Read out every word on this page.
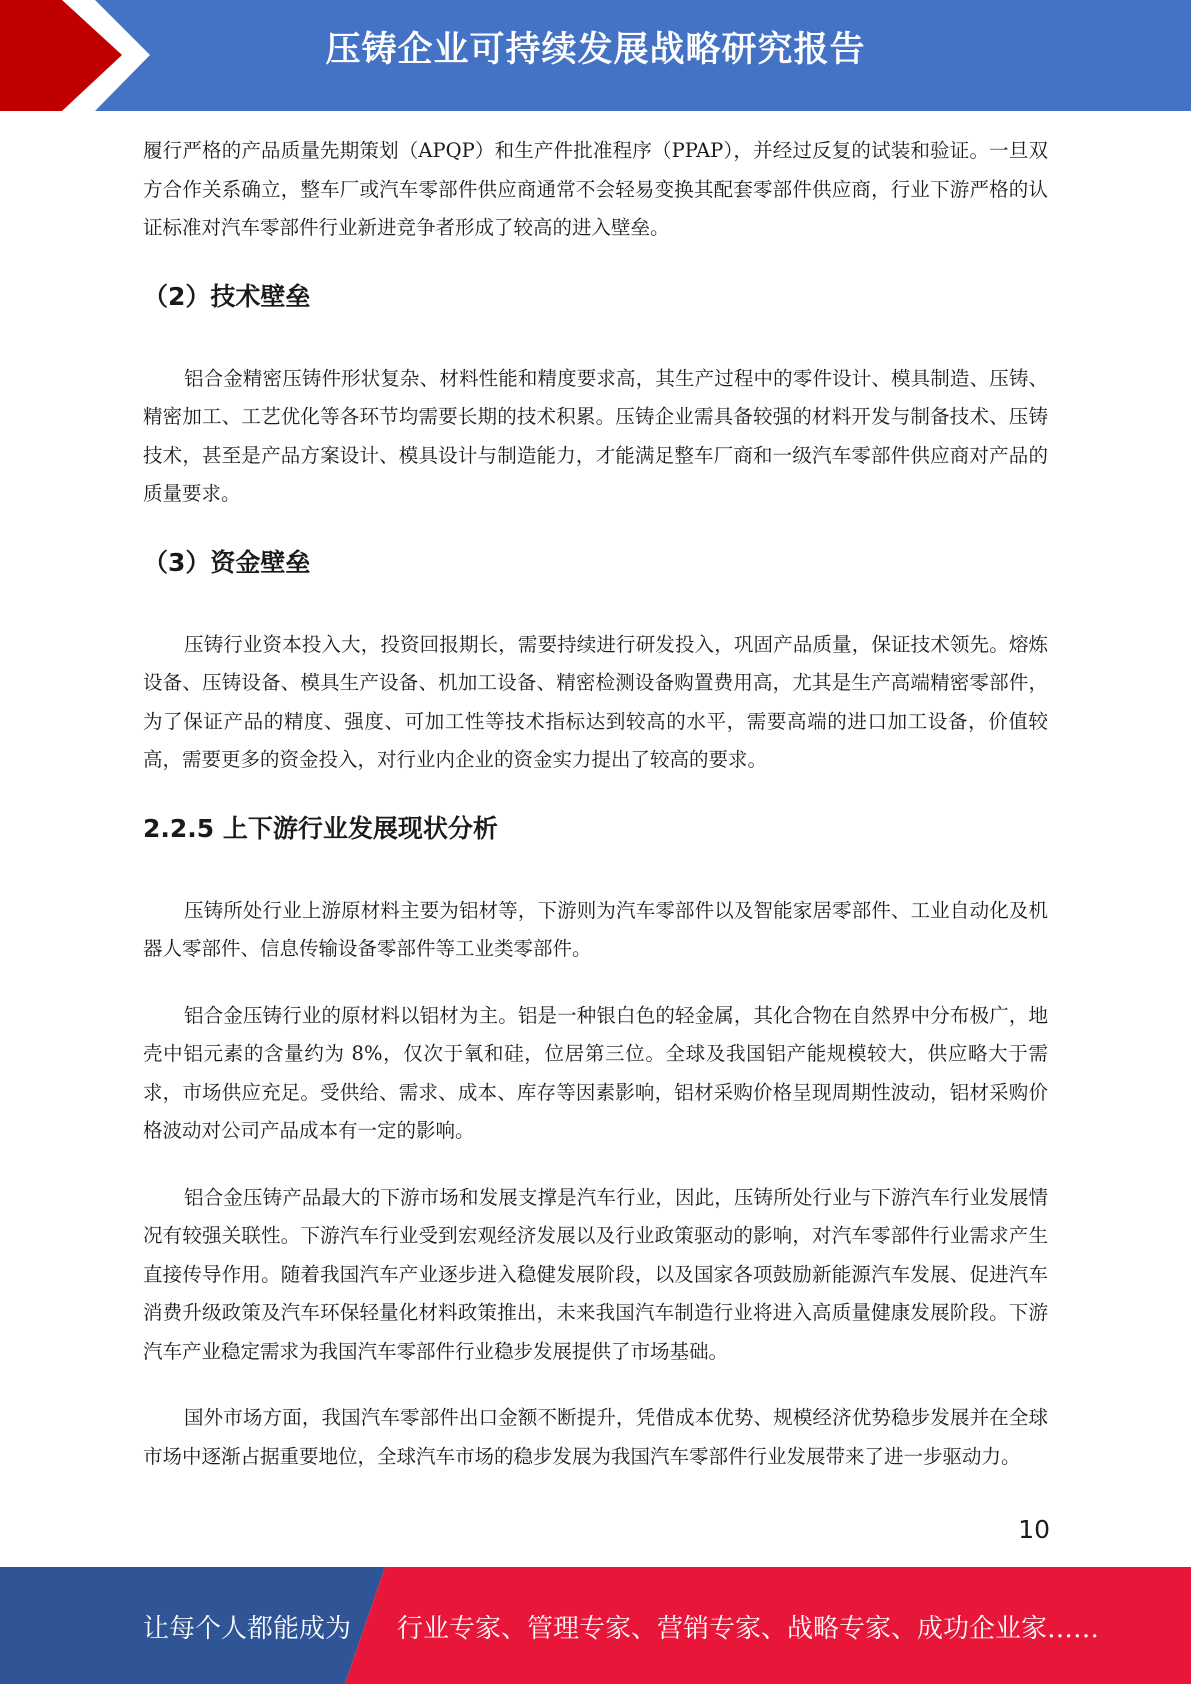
压铸企业可持续发展战略研究报告

履行严格的产品质量先期策划（APQP）和生产件批准程序（PPAP），并经过反复的试装和验证。一旦双方合作关系确立，整车厂或汽车零部件供应商通常不会轻易变换其配套零部件供应商，行业下游严格的认证标准对汽车零部件行业新进竞争者形成了较高的进入壁垒。

（2）技术壁垒

铝合金精密压铸件形状复杂、材料性能和精度要求高，其生产过程中的零件设计、模具制造、压铸、精密加工、工艺优化等各环节均需要长期的技术积累。压铸企业需具备较强的材料开发与制备技术、压铸技术，甚至是产品方案设计、模具设计与制造能力，才能满足整车厂商和一级汽车零部件供应商对产品的质量要求。

（3）资金壁垒

压铸行业资本投入大，投资回报期长，需要持续进行研发投入，巩固产品质量，保证技术领先。熔炼设备、压铸设备、模具生产设备、机加工设备、精密检测设备购置费用高，尤其是生产高端精密零部件，为了保证产品的精度、强度、可加工性等技术指标达到较高的水平，需要高端的进口加工设备，价值较高，需要更多的资金投入，对行业内企业的资金实力提出了较高的要求。

2.2.5 上下游行业发展现状分析

压铸所处行业上游原材料主要为铝材等，下游则为汽车零部件以及智能家居零部件、工业自动化及机器人零部件、信息传输设备零部件等工业类零部件。

铝合金压铸行业的原材料以铝材为主。铝是一种银白色的轻金属，其化合物在自然界中分布极广，地壳中铝元素的含量约为 8%，仅次于氧和硅，位居第三位。全球及我国铝产能规模较大，供应略大于需求，市场供应充足。受供给、需求、成本、库存等因素影响，铝材采购价格呈现周期性波动，铝材采购价格波动对公司产品成本有一定的影响。

铝合金压铸产品最大的下游市场和发展支撑是汽车行业，因此，压铸所处行业与下游汽车行业发展情况有较强关联性。下游汽车行业受到宏观经济发展以及行业政策驱动的影响，对汽车零部件行业需求产生直接传导作用。随着我国汽车产业逐步进入稳健发展阶段，以及国家各项鼓励新能源汽车发展、促进汽车消费升级政策及汽车环保轻量化材料政策推出，未来我国汽车制造行业将进入高质量健康发展阶段。下游汽车产业稳定需求为我国汽车零部件行业稳步发展提供了市场基础。

国外市场方面，我国汽车零部件出口金额不断提升，凭借成本优势、规模经济优势稳步发展并在全球市场中逐渐占据重要地位，全球汽车市场的稳步发展为我国汽车零部件行业发展带来了进一步驱动力。

10
让每个人都能成为 行业专家、管理专家、营销专家、战略专家、成功企业家……
